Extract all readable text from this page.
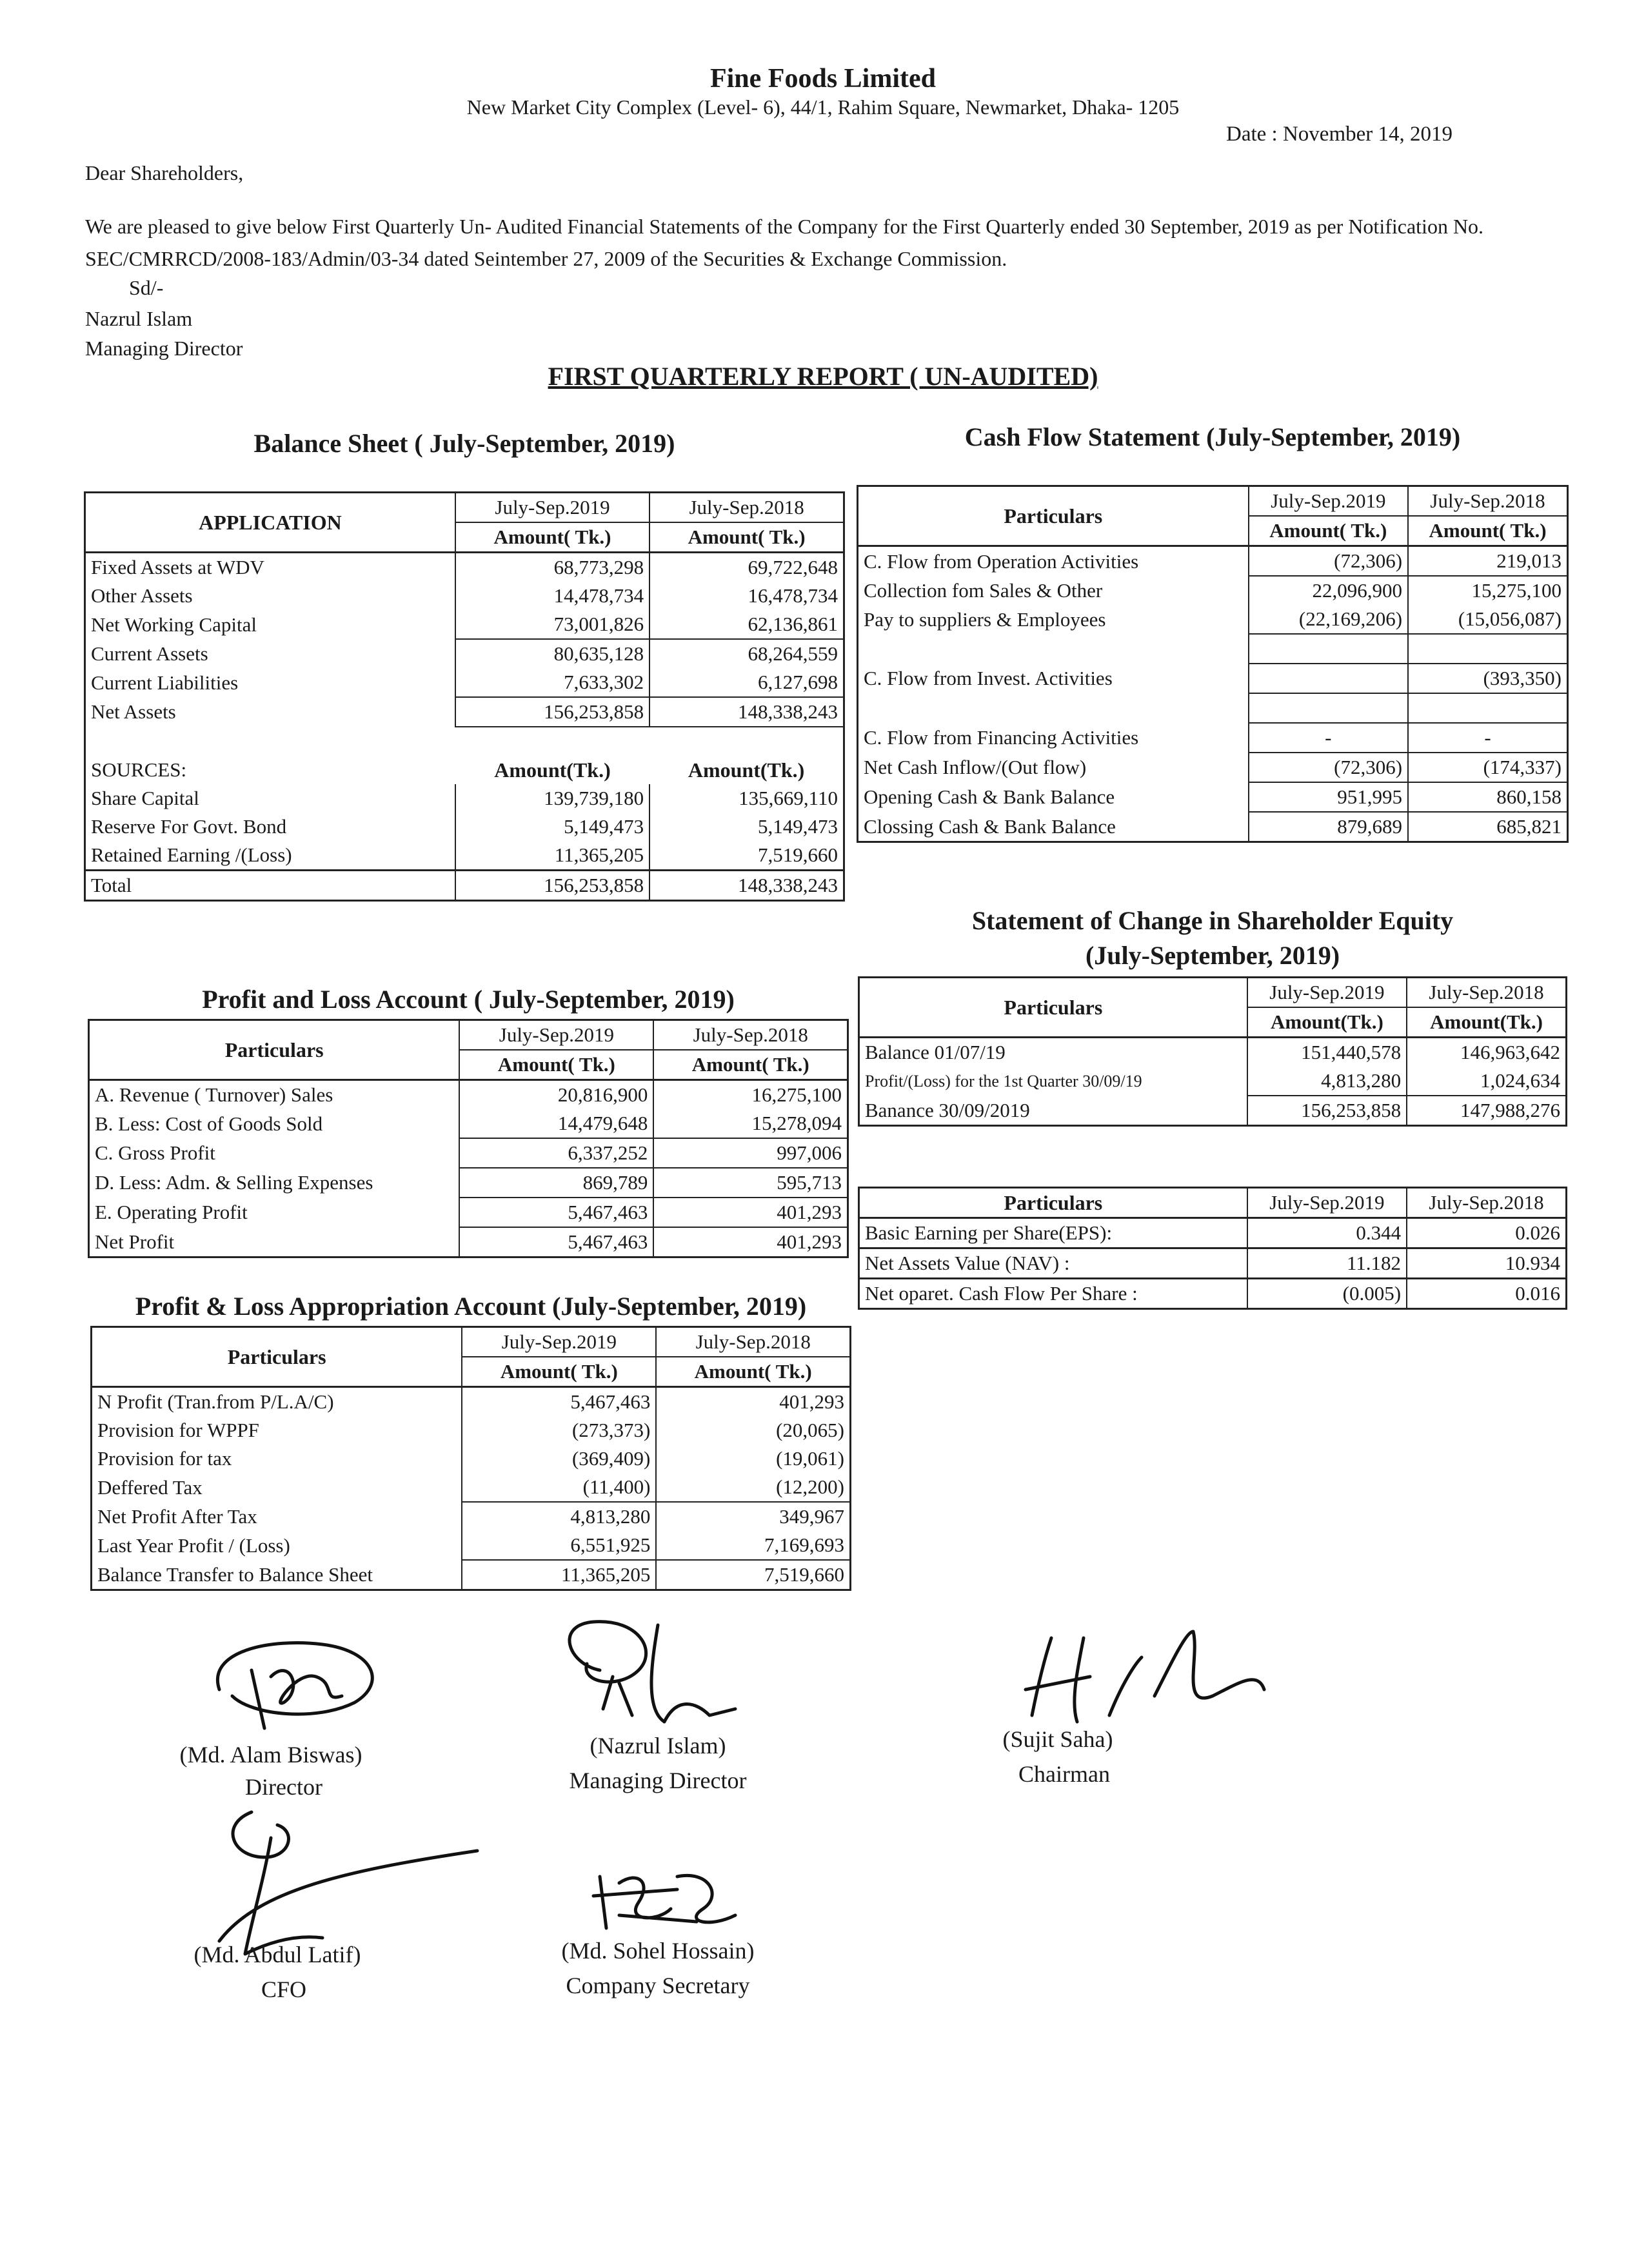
Fine Foods Limited
New Market City Complex (Level- 6), 44/1, Rahim Square, Newmarket, Dhaka- 1205
Date : November 14, 2019
Dear Shareholders,
We are pleased to give below First Quarterly Un- Audited Financial Statements of the Company for the First Quarterly ended 30 September, 2019 as per Notification No. SEC/CMRRCD/2008-183/Admin/03-34 dated Seintember 27, 2009 of the Securities & Exchange Commission.
Sd/-
Nazrul Islam
Managing Director
FIRST QUARTERLY REPORT ( UN-AUDITED)
Balance Sheet ( July-September, 2019)
APPLICATION	July-Sep.2019	July-Sep.2018
	Amount( Tk.)	Amount( Tk.)
Fixed Assets at WDV	68,773,298	69,722,648
Other Assets	14,478,734	16,478,734
Net Working Capital	73,001,826	62,136,861
Current Assets	80,635,128	68,264,559
Current Liabilities	7,633,302	6,127,698
Net Assets	156,253,858	148,338,243

SOURCES:	Amount(Tk.)	Amount(Tk.)
Share Capital	139,739,180	135,669,110
Reserve For Govt. Bond	5,149,473	5,149,473
Retained Earning /(Loss)	11,365,205	7,519,660
Total	156,253,858	148,338,243
Cash Flow Statement (July-September, 2019)
Particulars	July-Sep.2019	July-Sep.2018
	Amount( Tk.)	Amount( Tk.)
C. Flow from Operation Activities	(72,306)	219,013
Collection fom Sales & Other	22,096,900	15,275,100
Pay to suppliers & Employees	(22,169,206)	(15,056,087)

C. Flow from Invest. Activities		(393,350)

C. Flow from Financing Activities	-	-
Net Cash Inflow/(Out flow)	(72,306)	(174,337)
Opening Cash & Bank Balance	951,995	860,158
Clossing Cash & Bank Balance	879,689	685,821
Statement of Change in Shareholder Equity
(July-September, 2019)
Particulars	July-Sep.2019	July-Sep.2018
	Amount(Tk.)	Amount(Tk.)
Balance 01/07/19	151,440,578	146,963,642
Profit/(Loss) for the 1st Quarter 30/09/19	4,813,280	1,024,634
Banance 30/09/2019	156,253,858	147,988,276
Particulars	July-Sep.2019	July-Sep.2018
Basic Earning per Share(EPS):	0.344	0.026
Net Assets Value (NAV) :	11.182	10.934
Net oparet. Cash Flow Per Share :	(0.005)	0.016
Profit and Loss Account ( July-September, 2019)
Particulars	July-Sep.2019	July-Sep.2018
	Amount( Tk.)	Amount( Tk.)
A. Revenue ( Turnover) Sales	20,816,900	16,275,100
B. Less: Cost of Goods Sold	14,479,648	15,278,094
C. Gross Profit	6,337,252	997,006
D. Less: Adm. & Selling Expenses	869,789	595,713
E. Operating Profit	5,467,463	401,293
Net Profit	5,467,463	401,293
Profit & Loss Appropriation Account (July-September, 2019)
Particulars	July-Sep.2019	July-Sep.2018
	Amount( Tk.)	Amount( Tk.)
N Profit (Tran.from P/L.A/C)	5,467,463	401,293
Provision for WPPF	(273,373)	(20,065)
Provision for tax	(369,409)	(19,061)
Deffered Tax	(11,400)	(12,200)
Net Profit After Tax	4,813,280	349,967
Last Year Profit / (Loss)	6,551,925	7,169,693
Balance Transfer to Balance Sheet	11,365,205	7,519,660
(Md. Alam Biswas)
Director
(Nazrul Islam)
Managing Director
(Sujit Saha)
Chairman
(Md. Abdul Latif)
CFO
(Md. Sohel Hossain)
Company Secretary
